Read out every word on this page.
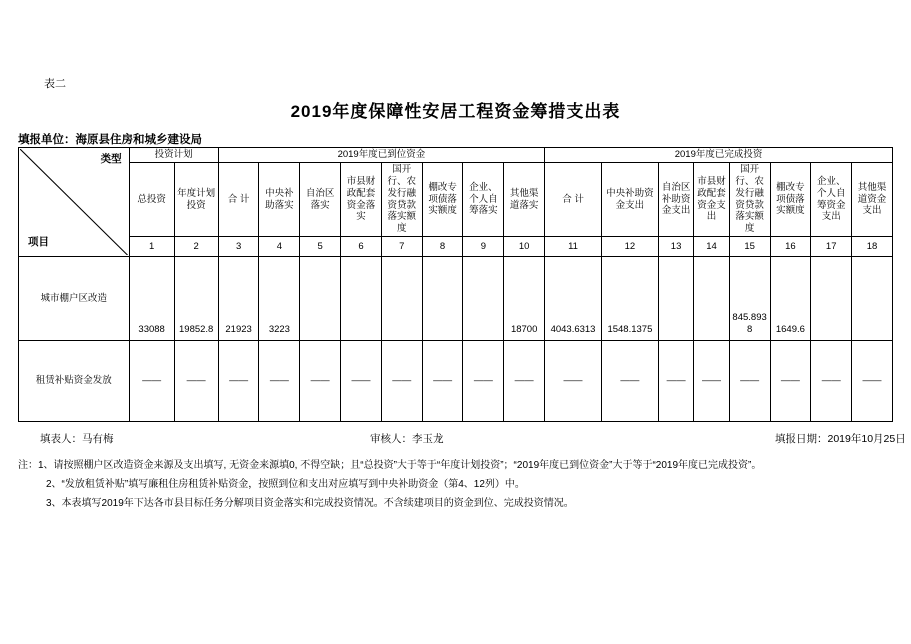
表二
2019年度保障性安居工程资金筹措支出表
填报单位：海原县住房和城乡建设局
类型
项目	投资计划		2019年度已到位资金								2019年度已完成投资							
	总投资	年度计划投资	合 计	中央补助落实	自治区落实	市县财政配套资金落实	国开行、农发行融资贷款落实额度	棚改专项债落实额度	企业、个人自筹落实	其他渠道落实	合 计	中央补助资金支出	自治区补助资金支出	市县财政配套资金支出	国开行、农发行融资贷款落实额度	棚改专项债落实额度	企业、个人自筹资金支出	其他渠道资金支出
	1	2	3	4	5	6	7	8	9	10	11	12	13	14	15	16	17	18
城市棚户区改造	33088	19852.8	21923	3223						18700	4043.6313	1548.1375			845.8938	1649.6		
租赁补贴资金发放	——	——	——	——	——	——	——	——	——	——	——	——	——	——	——	——	——	——
填表人：马有梅	审核人：李玉龙	填报日期：2019年10月25日
注：1、请按照棚户区改造资金来源及支出填写, 无资金来源填0, 不得空缺；且“总投资”大于等于“年度计划投资”；“2019年度已到位资金”大于等于“2019年度已完成投资”。
2、“发放租赁补贴”填写廉租住房租赁补贴资金，按照到位和支出对应填写到中央补助资金（第4、12列）中。
3、本表填写2019年下达各市县目标任务分解项目资金落实和完成投资情况。不含续建项目的资金到位、完成投资情况。
